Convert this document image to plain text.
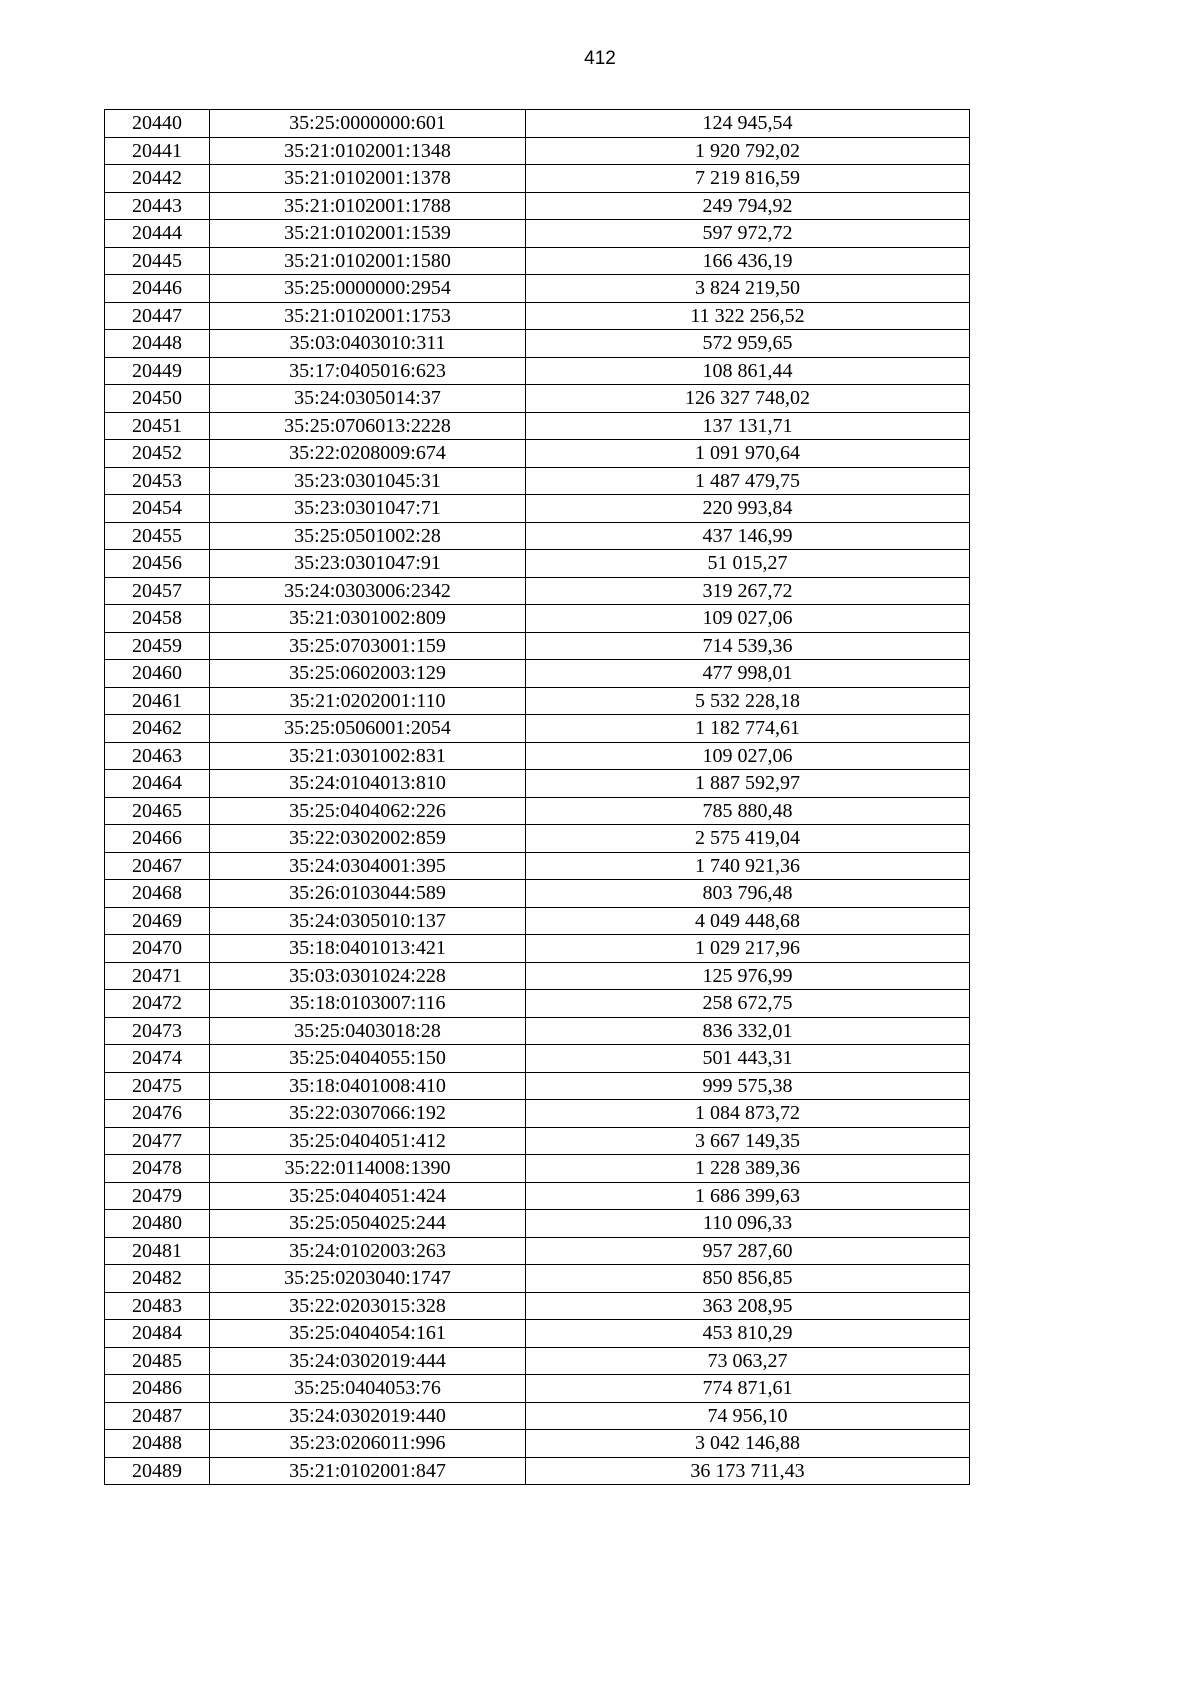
412
20440	35:25:0000000:601	124 945,54
20441	35:21:0102001:1348	1 920 792,02
20442	35:21:0102001:1378	7 219 816,59
20443	35:21:0102001:1788	249 794,92
20444	35:21:0102001:1539	597 972,72
20445	35:21:0102001:1580	166 436,19
20446	35:25:0000000:2954	3 824 219,50
20447	35:21:0102001:1753	11 322 256,52
20448	35:03:0403010:311	572 959,65
20449	35:17:0405016:623	108 861,44
20450	35:24:0305014:37	126 327 748,02
20451	35:25:0706013:2228	137 131,71
20452	35:22:0208009:674	1 091 970,64
20453	35:23:0301045:31	1 487 479,75
20454	35:23:0301047:71	220 993,84
20455	35:25:0501002:28	437 146,99
20456	35:23:0301047:91	51 015,27
20457	35:24:0303006:2342	319 267,72
20458	35:21:0301002:809	109 027,06
20459	35:25:0703001:159	714 539,36
20460	35:25:0602003:129	477 998,01
20461	35:21:0202001:110	5 532 228,18
20462	35:25:0506001:2054	1 182 774,61
20463	35:21:0301002:831	109 027,06
20464	35:24:0104013:810	1 887 592,97
20465	35:25:0404062:226	785 880,48
20466	35:22:0302002:859	2 575 419,04
20467	35:24:0304001:395	1 740 921,36
20468	35:26:0103044:589	803 796,48
20469	35:24:0305010:137	4 049 448,68
20470	35:18:0401013:421	1 029 217,96
20471	35:03:0301024:228	125 976,99
20472	35:18:0103007:116	258 672,75
20473	35:25:0403018:28	836 332,01
20474	35:25:0404055:150	501 443,31
20475	35:18:0401008:410	999 575,38
20476	35:22:0307066:192	1 084 873,72
20477	35:25:0404051:412	3 667 149,35
20478	35:22:0114008:1390	1 228 389,36
20479	35:25:0404051:424	1 686 399,63
20480	35:25:0504025:244	110 096,33
20481	35:24:0102003:263	957 287,60
20482	35:25:0203040:1747	850 856,85
20483	35:22:0203015:328	363 208,95
20484	35:25:0404054:161	453 810,29
20485	35:24:0302019:444	73 063,27
20486	35:25:0404053:76	774 871,61
20487	35:24:0302019:440	74 956,10
20488	35:23:0206011:996	3 042 146,88
20489	35:21:0102001:847	36 173 711,43
